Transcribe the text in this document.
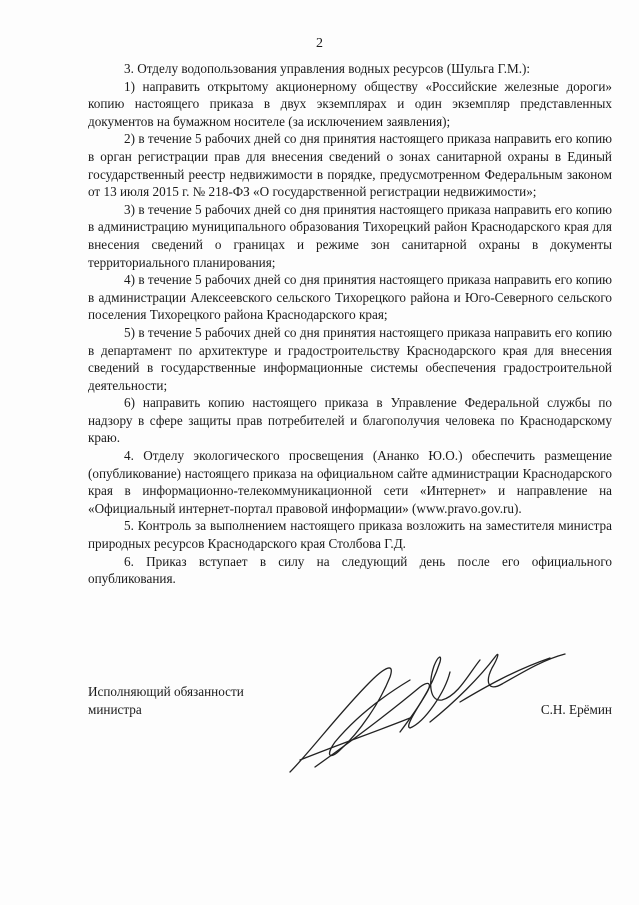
2

3. Отделу водопользования управления водных ресурсов (Шульга Г.М.):

1) направить открытому акционерному обществу «Российские железные дороги» копию настоящего приказа в двух экземплярах и один экземпляр представленных документов на бумажном носителе (за исключением заявления);

2) в течение 5 рабочих дней со дня принятия настоящего приказа направить его копию в орган регистрации прав для внесения сведений о зонах санитарной охраны в Единый государственный реестр недвижимости в порядке, предусмотренном Федеральным законом от 13 июля 2015 г. № 218-ФЗ «О государственной регистрации недвижимости»;

3) в течение 5 рабочих дней со дня принятия настоящего приказа направить его копию в администрацию муниципального образования Тихорецкий район Краснодарского края для внесения сведений о границах и режиме зон санитарной охраны в документы территориального планирования;

4) в течение 5 рабочих дней со дня принятия настоящего приказа направить его копию в администрации Алексеевского сельского Тихорецкого района и Юго-Северного сельского поселения Тихорецкого района Краснодарского края;

5) в течение 5 рабочих дней со дня принятия настоящего приказа направить его копию в департамент по архитектуре и градостроительству Краснодарского края для внесения сведений в государственные информационные системы обеспечения градостроительной деятельности;

6) направить копию настоящего приказа в Управление Федеральной службы по надзору в сфере защиты прав потребителей и благополучия человека по Краснодарскому краю.

4. Отделу экологического просвещения (Ананко Ю.О.) обеспечить размещение (опубликование) настоящего приказа на официальном сайте администрации Краснодарского края в информационно-телекоммуникационной сети «Интернет» и направление на «Официальный интернет-портал правовой информации» (www.pravo.gov.ru).

5. Контроль за выполнением настоящего приказа возложить на заместителя министра природных ресурсов Краснодарского края Столбова Г.Д.

6. Приказ вступает в силу на следующий день после его официального опубликования.

Исполняющий обязанности
министра	С.Н. Ерёмин
